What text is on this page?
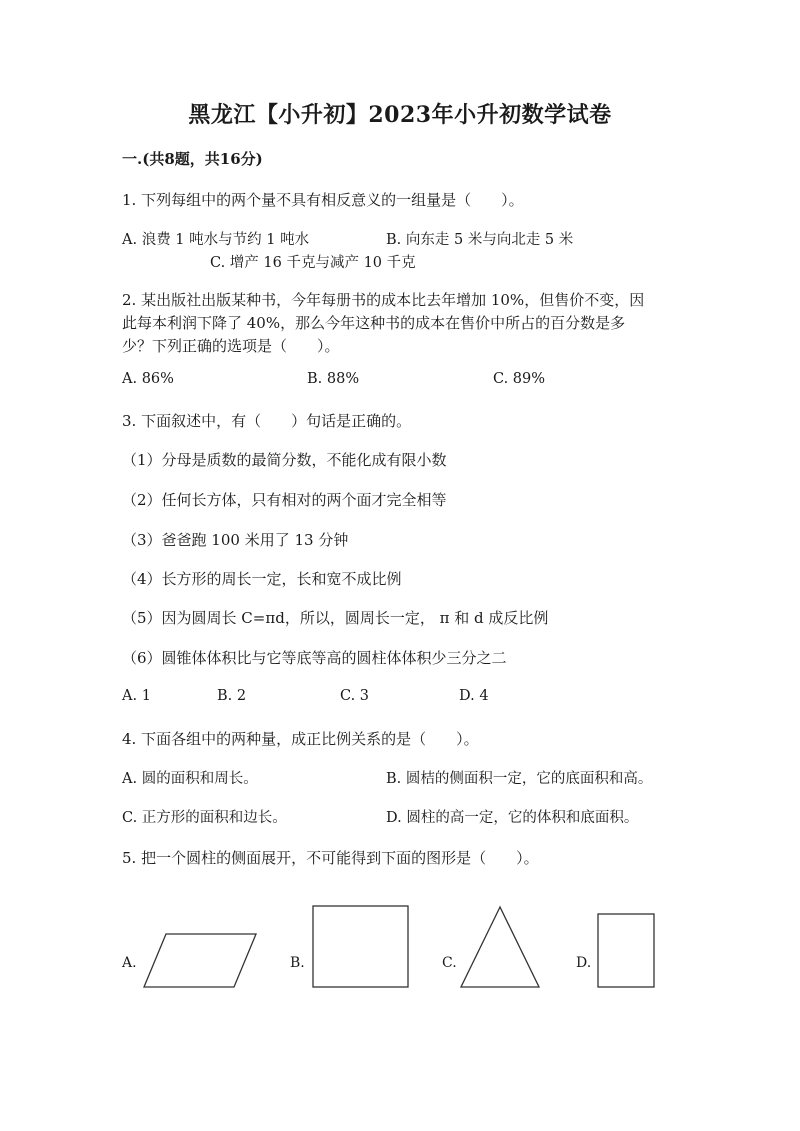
黑龙江【小升初】2023年小升初数学试卷
一.(共8题，共16分)
1. 下列每组中的两个量不具有相反意义的一组量是（　　）。
A. 浪费 1 吨水与节约 1 吨水	B. 向东走 5 米与向北走 5 米
C. 增产 16 千克与减产 10 千克
2. 某出版社出版某种书，今年每册书的成本比去年增加 10%，但售价不变，因
此每本利润下降了 40%，那么今年这种书的成本在售价中所占的百分数是多
少？下列正确的选项是（　　）。
A. 86%	B. 88%	C. 89%
3. 下面叙述中，有（　　）句话是正确的。
（1）分母是质数的最简分数，不能化成有限小数
（2）任何长方体，只有相对的两个面才完全相等
（3）爸爸跑 100 米用了 13 分钟
（4）长方形的周长一定，长和宽不成比例
（5）因为圆周长 C=πd，所以，圆周长一定， π 和 d 成反比例
（6）圆锥体体积比与它等底等高的圆柱体体积少三分之二
A. 1	B. 2	C. 3	D. 4
4. 下面各组中的两种量，成正比例关系的是（　　）。
A. 圆的面积和周长。	B. 圆桔的侧面积一定，它的底面积和高。
C. 正方形的面积和边长。	D. 圆柱的高一定，它的体积和底面积。
5. 把一个圆柱的侧面展开，不可能得到下面的图形是（　　）。
A.	B.	C.	D.
